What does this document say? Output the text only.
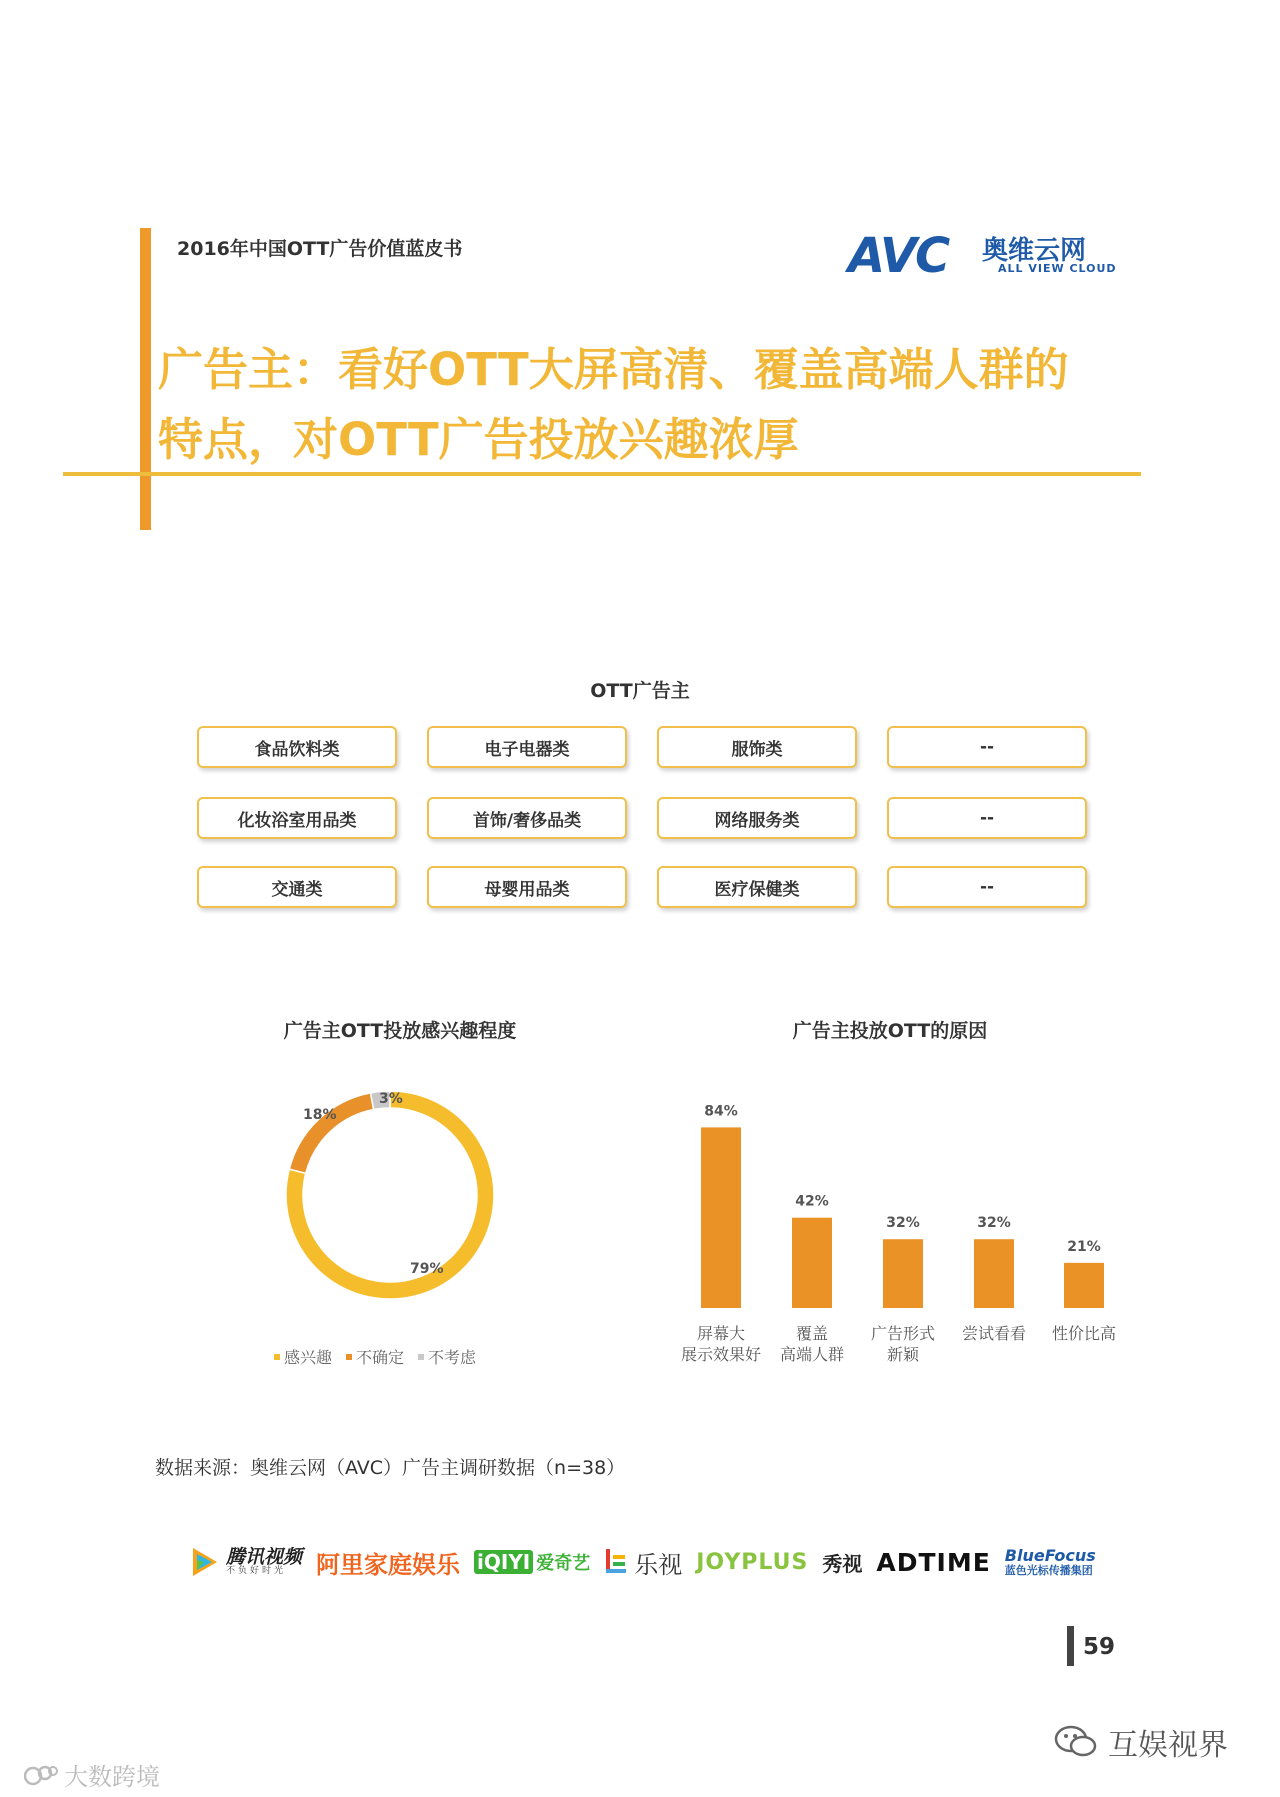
2016年中国OTT广告价值蓝皮书	AVC 奥维云网
ALL VIEW CLOUD
广告主：看好OTT大屏高清、覆盖高端人群的
特点，对OTT广告投放兴趣浓厚
OTT广告主
食品饮料类	电子电器类	服饰类	--
化妆浴室用品类	首饰/奢侈品类	网络服务类	--
交通类	母婴用品类	医疗保健类	--
广告主OTT投放感兴趣程度
79%
18%
3%
感兴趣 不确定 不考虑
广告主投放OTT的原因
84%
屏幕大
展示效果好
42%
覆盖
高端人群
32%
广告形式
新颖
32%
尝试看看
21%
性价比高
数据来源：奥维云网（AVC）广告主调研数据（n=38）
腾讯视频
不负好时光	阿里家庭娱乐 iQIYI 爱奇艺 乐视 JOYPLUS 秀视 ADTIME BlueFocus
蓝色光标传播集团
59
互娱视界
大数跨境
